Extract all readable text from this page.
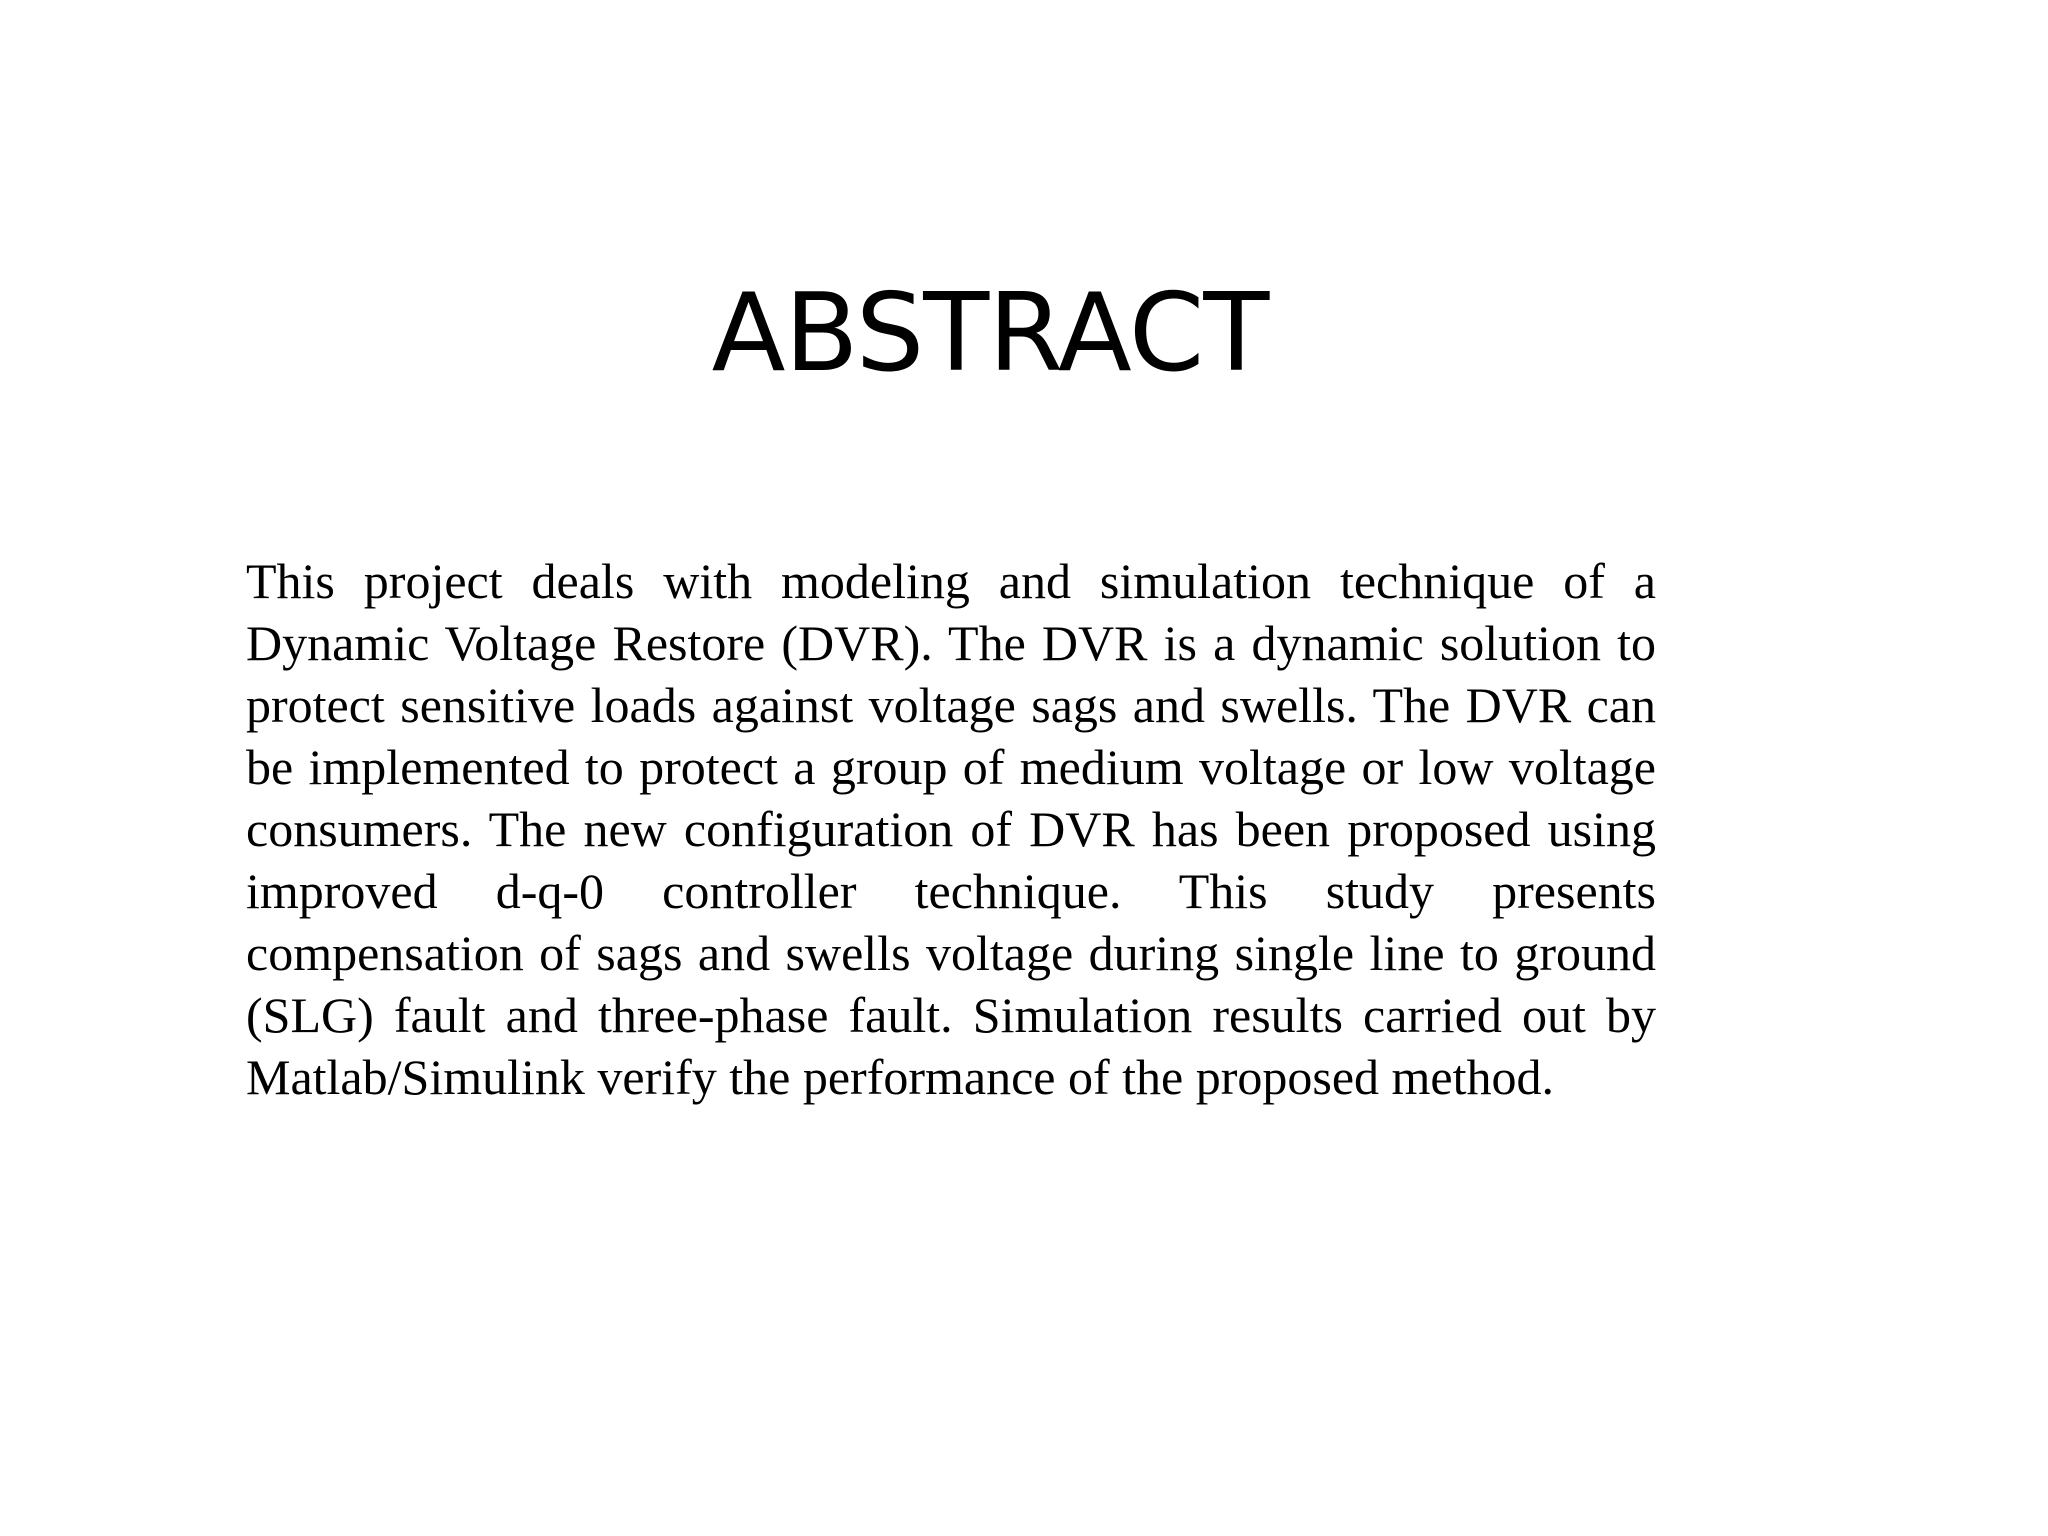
ABSTRACT

This project deals with modeling and simulation technique of a Dynamic Voltage Restore (DVR). The DVR is a dynamic solution to protect sensitive loads against voltage sags and swells. The DVR can be implemented to protect a group of medium voltage or low voltage consumers. The new configuration of DVR has been proposed using improved d-q-0 controller technique. This study presents compensation of sags and swells voltage during single line to ground (SLG) fault and three-phase fault. Simulation results carried out by Matlab/Simulink verify the performance of the proposed method.
